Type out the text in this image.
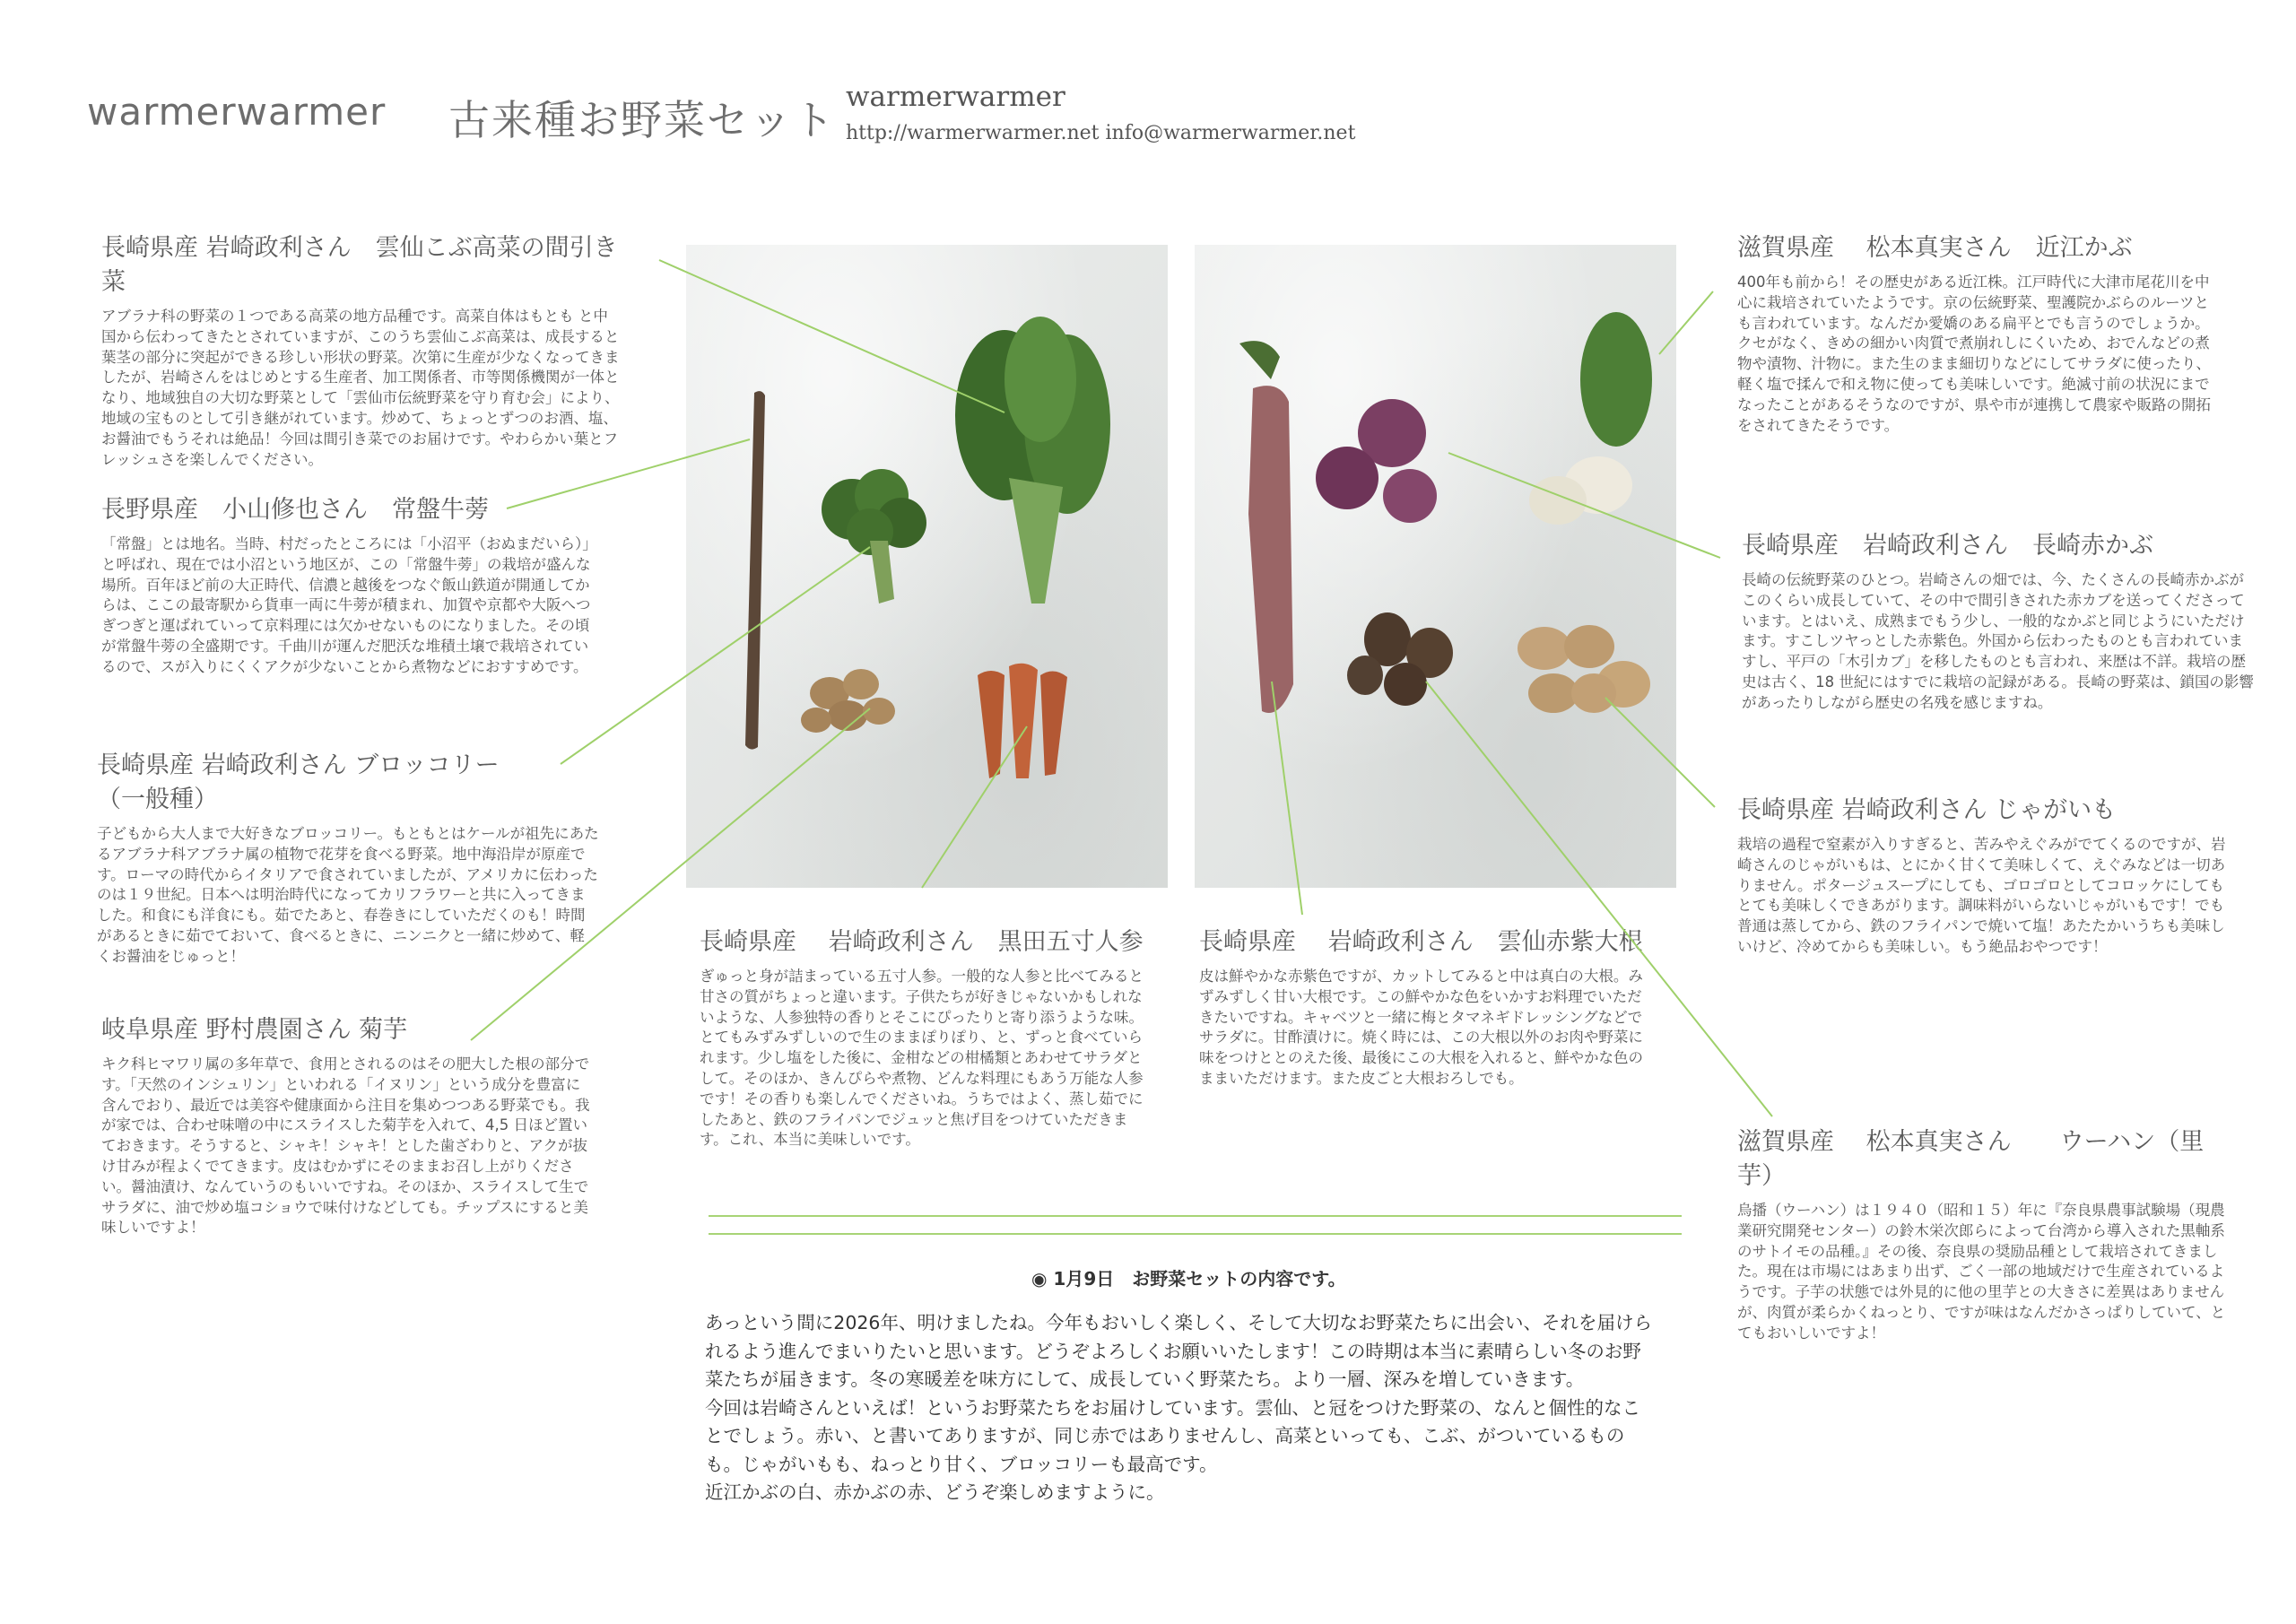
warmerwarmer 古来種お野菜セット warmerwarmer
http://warmerwarmer.net info@warmerwarmer.net
長崎県産 岩崎政利さん　雲仙こぶ高菜の間引き菜
アブラナ科の野菜の１つである高菜の地方品種です。高菜自体はもとも と中国から伝わってきたとされていますが、このうち雲仙こぶ高菜は、成長すると葉茎の部分に突起ができる珍しい形状の野菜。次第に生産が少なくなってきましたが、岩崎さんをはじめとする生産者、加工関係者、市等関係機関が一体となり、地域独自の大切な野菜として「雲仙市伝統野菜を守り育む会」により、地域の宝ものとして引き継がれています。炒めて、ちょっとずつのお酒、塩、お醤油でもうそれは絶品！今回は間引き菜でのお届けです。やわらかい葉とフレッシュさを楽しんでください。
長野県産　小山修也さん　常盤牛蒡
「常盤」とは地名。当時、村だったところには「小沼平（おぬまだいら）」と呼ばれ、現在では小沼という地区が、この「常盤牛蒡」の栽培が盛んな場所。百年ほど前の大正時代、信濃と越後をつなぐ飯山鉄道が開通してからは、ここの最寄駅から貨車一両に牛蒡が積まれ、加賀や京都や大阪へつぎつぎと運ばれていって京料理には欠かせないものになりました。その頃が常盤牛蒡の全盛期です。千曲川が運んだ肥沃な堆積土壌で栽培されているので、スが入りにくくアクが少ないことから煮物などにおすすめです。
長崎県産 岩崎政利さん ブロッコリー（一般種）
子どもから大人まで大好きなブロッコリー。もともとはケールが祖先にあたるアブラナ科アブラナ属の植物で花芽を食べる野菜。地中海沿岸が原産です。ローマの時代からイタリアで食されていましたが、アメリカに伝わったのは１９世紀。日本へは明治時代になってカリフラワーと共に入ってきました。和食にも洋食にも。茹でたあと、春巻きにしていただくのも！時間があるときに茹でておいて、食べるときに、ニンニクと一緒に炒めて、軽くお醤油をじゅっと！
岐阜県産 野村農園さん 菊芋
キク科ヒマワリ属の多年草で、食用とされるのはその肥大した根の部分です。「天然のインシュリン」といわれる「イヌリン」という成分を豊富に含んでおり、最近では美容や健康面から注目を集めつつある野菜でも。我が家では、合わせ味噌の中にスライスした菊芋を入れて、4,5 日ほど置いておきます。そうすると、シャキ！シャキ！とした歯ざわりと、アクが抜け甘みが程よくでてきます。皮はむかずにそのままお召し上がりください。醤油漬け、なんていうのもいいですね。そのほか、スライスして生でサラダに、油で炒め塩コショウで味付けなどしても。チップスにすると美味しいですよ！
長崎県産　 岩崎政利さん　黒田五寸人参
ぎゅっと身が詰まっている五寸人参。一般的な人参と比べてみると甘さの質がちょっと違います。子供たちが好きじゃないかもしれないような、人参独特の香りとそこにぴったりと寄り添うような味。とてもみずみずしいので生のままぽりぽり、と、ずっと食べていられます。少し塩をした後に、金柑などの柑橘類とあわせてサラダとして。そのほか、きんぴらや煮物、どんな料理にもあう万能な人参です！その香りも楽しんでくださいね。うちではよく、蒸し茹でにしたあと、鉄のフライパンでジュッと焦げ目をつけていただきます。これ、本当に美味しいです。
長崎県産　 岩崎政利さん　雲仙赤紫大根
皮は鮮やかな赤紫色ですが、カットしてみると中は真白の大根。みずみずしく甘い大根です。この鮮やかな色をいかすお料理でいただきたいですね。キャベツと一緒に梅とタマネギドレッシングなどでサラダに。甘酢漬けに。焼く時には、この大根以外のお肉や野菜に味をつけととのえた後、最後にこの大根を入れると、鮮やかな色のままいただけます。また皮ごと大根おろしでも。
滋賀県産　 松本真実さん　近江かぶ
400年も前から！その歴史がある近江株。江戸時代に大津市尾花川を中心に栽培されていたようです。京の伝統野菜、聖護院かぶらのルーツとも言われています。なんだか愛嬌のある扁平とでも言うのでしょうか。クセがなく、きめの細かい肉質で煮崩れしにくいため、おでんなどの煮物や漬物、汁物に。また生のまま細切りなどにしてサラダに使ったり、軽く塩で揉んで和え物に使っても美味しいです。絶滅寸前の状況にまでなったことがあるそうなのですが、県や市が連携して農家や販路の開拓をされてきたそうです。
長崎県産　岩崎政利さん　長崎赤かぶ
長崎の伝統野菜のひとつ。岩崎さんの畑では、今、たくさんの長崎赤かぶがこのくらい成長していて、その中で間引きされた赤カブを送ってくださっています。とはいえ、成熟までもう少し、一般的なかぶと同じようにいただけます。すこしツヤっとした赤紫色。外国から伝わったものとも言われていますし、平戸の「木引カブ」を移したものとも言われ、来歴は不詳。栽培の歴史は古く、18 世紀にはすでに栽培の記録がある。長崎の野菜は、鎖国の影響があったりしながら歴史の名残を感じますね。
長崎県産 岩崎政利さん じゃがいも
栽培の過程で窒素が入りすぎると、苦みやえぐみがでてくるのですが、岩崎さんのじゃがいもは、とにかく甘くて美味しくて、えぐみなどは一切ありません。ポタージュスープにしても、ゴロゴロとしてコロッケにしてもとても美味しくできあがります。調味料がいらないじゃがいもです！でも普通は蒸してから、鉄のフライパンで焼いて塩！あたたかいうちも美味しいけど、冷めてからも美味しい。もう絶品おやつです！
滋賀県産　 松本真実さん　　ウーハン（里芋）
烏播（ウーハン）は１９４０（昭和１５）年に『奈良県農事試験場（現農業研究開発センター）の鈴木栄次郎らによって台湾から導入された黒軸系のサトイモの品種。』その後、奈良県の奨励品種として栽培されてきました。現在は市場にはあまり出ず、ごく一部の地域だけで生産されているようです。子芋の状態では外見的に他の里芋との大きさに差異はありませんが、肉質が柔らかくねっとり、ですが味はなんだかさっぱりしていて、とてもおいしいですよ！
◉ 1月9日　お野菜セットの内容です。

あっという間に2026年、明けましたね。今年もおいしく楽しく、そして大切なお野菜たちに出会い、それを届けら

れるよう進んでまいりたいと思います。どうぞよろしくお願いいたします！この時期は本当に素晴らしい冬のお野

菜たちが届きます。冬の寒暖差を味方にして、成長していく野菜たち。より一層、深みを増していきます。

今回は岩崎さんといえば！というお野菜たちをお届けしています。雲仙、と冠をつけた野菜の、なんと個性的なこ

とでしょう。赤い、と書いてありますが、同じ赤ではありませんし、高菜といっても、こぶ、がついているもの

も。じゃがいもも、ねっとり甘く、ブロッコリーも最高です。

近江かぶの白、赤かぶの赤、どうぞ楽しめますように。
